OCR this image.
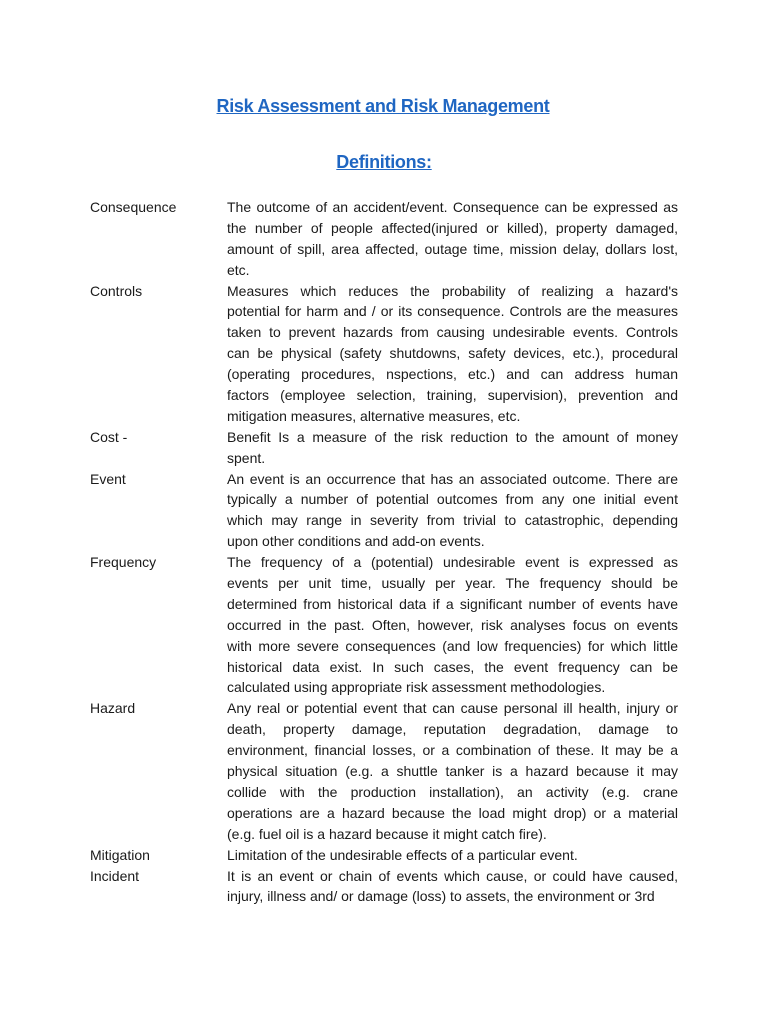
Risk Assessment and Risk Management
Definitions:
Consequence	The outcome of an accident/event. Consequence can be expressed as
the number of people affected(injured or killed), property damaged,
amount of spill, area affected, outage time, mission delay, dollars lost,
etc.
Controls	Measures which reduces the probability of realizing a hazard's
potential for harm and / or its consequence. Controls are the measures
taken to prevent hazards from causing undesirable events. Controls
can be physical (safety shutdowns, safety devices, etc.), procedural
(operating procedures, nspections, etc.) and can address human
factors (employee selection, training, supervision), prevention and
mitigation measures, alternative measures, etc.
Cost -	Benefit Is a measure of the risk reduction to the amount of money
spent.
Event	An event is an occurrence that has an associated outcome. There are
typically a number of potential outcomes from any one initial event
which may range in severity from trivial to catastrophic, depending
upon other conditions and add-on events.
Frequency	The frequency of a (potential) undesirable event is expressed as
events per unit time, usually per year. The frequency should be
determined from historical data if a significant number of events have
occurred in the past. Often, however, risk analyses focus on events
with more severe consequences (and low frequencies) for which little
historical data exist. In such cases, the event frequency can be
calculated using appropriate risk assessment methodologies.
Hazard	Any real or potential event that can cause personal ill health, injury or
death, property damage, reputation degradation, damage to
environment, financial losses, or a combination of these. It may be a
physical situation (e.g. a shuttle tanker is a hazard because it may
collide with the production installation), an activity (e.g. crane
operations are a hazard because the load might drop) or a material
(e.g. fuel oil is a hazard because it might catch fire).
Mitigation	Limitation of the undesirable effects of a particular event.
Incident	It is an event or chain of events which cause, or could have caused,
injury, illness and/ or damage (loss) to assets, the environment or 3rd
